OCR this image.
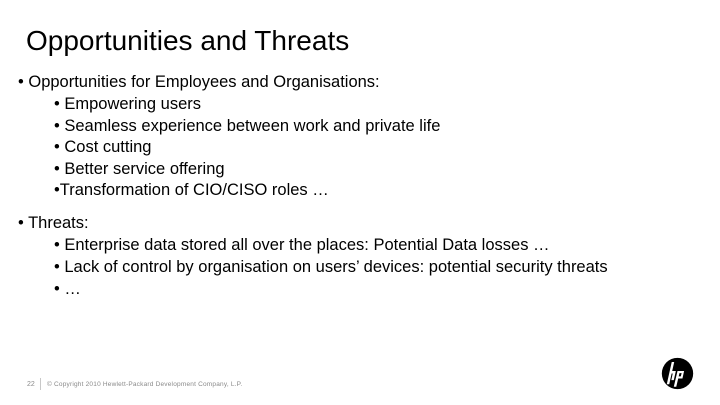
Opportunities and Threats
• Opportunities for Employees and Organisations:
• Empowering users
• Seamless experience between work and private life
• Cost cutting
• Better service offering
•Transformation of CIO/CISO roles …
• Threats:
• Enterprise data stored all over the places: Potential Data losses …
• Lack of control by organisation on users’ devices: potential security threats
• …
22 © Copyright 2010 Hewlett-Packard Development Company, L.P.
